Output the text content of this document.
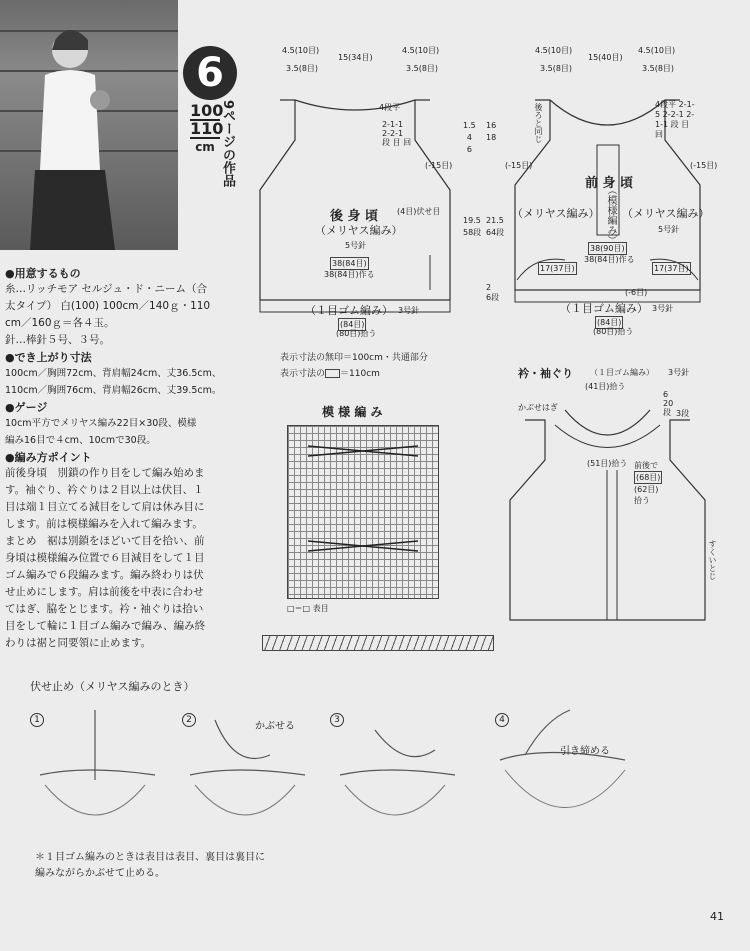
6
100
110
cm 9ページの作品
●用意するもの
糸…リッチモア セルジュ・ド・ニーム（合
太タイプ） 白(100) 100cm／140ｇ・110
cm／160ｇ＝各４玉。
針…棒針５号、３号。
●でき上がり寸法
100cm／胸囲72cm、背肩幅24cm、丈36.5cm、
110cm／胸囲76cm、背肩幅26cm、丈39.5cm。
●ゲージ
10cm平方でメリヤス編み22目×30段、模様
編み16目で４cm、10cmで30段。
●編み方ポイント
前後身頃　別鎖の作り目をして編み始めま
す。袖ぐり、衿ぐりは２目以上は伏目、１
目は端１目立てる減目をして肩は休み目に
します。前は模様編みを入れて編みます。
まとめ　裾は別鎖をほどいて目を拾い、前
身頃は模様編み位置で６目減目をして１目
ゴム編みで６段編みます。編み終わりは伏
せ止めにします。肩は前後を中表に合わせ
てはぎ、脇をとじます。衿・袖ぐりは拾い
目をして輪に１目ゴム編みで編み、編み終
わりは裾と同要領に止めます。
4.5(10目)
15(34目)
4.5(10目)
3.5(8目)	3.5(8目)
4段平
2-1-1
2-2-1
段 目 回
(-15目)
(4目)伏せ目
後 身 頃
（メリヤス編み）
5号針
38(84目)
38(84目)作る
（１目ゴム編み） 3号針
(84目)
(80目)拾う
1.5
4
6
16
18
19.5
58段
21.5
64段
2
6段
4.5(10目)
15(40目)
4.5(10目)
3.5(8目)	3.5(8目)
後ろと同じ	4段平 2-1-5 2-2-1 2-1-1 段 目 回
(-15目)	(-15目)
前 身 頃
（メリヤス編み） （模様編み） （メリヤス編み）
5号針
38(90目)
38(84目)作る
17(37目)	17(37目)
(-6目)
（１目ゴム編み） 3号針
(84目)
(80目)拾う
表示寸法の無印＝100cm・共通部分
表示寸法の ＝110cm
模 様 編 み
□＝□ 表目
衿・袖ぐり （１目ゴム編み） 3号針
(41目)拾う
かぶせはぎ
(51目)拾う
6
20
段 3段
前後で
(68目)
(62目)
拾う
すくいとじ
伏せ止め（メリヤス編みのとき）
1	2	3	4
かぶせる
引き締める
＊１目ゴム編みのときは表目は表目、裏目は裏目に
編みながらかぶせて止める。
41
